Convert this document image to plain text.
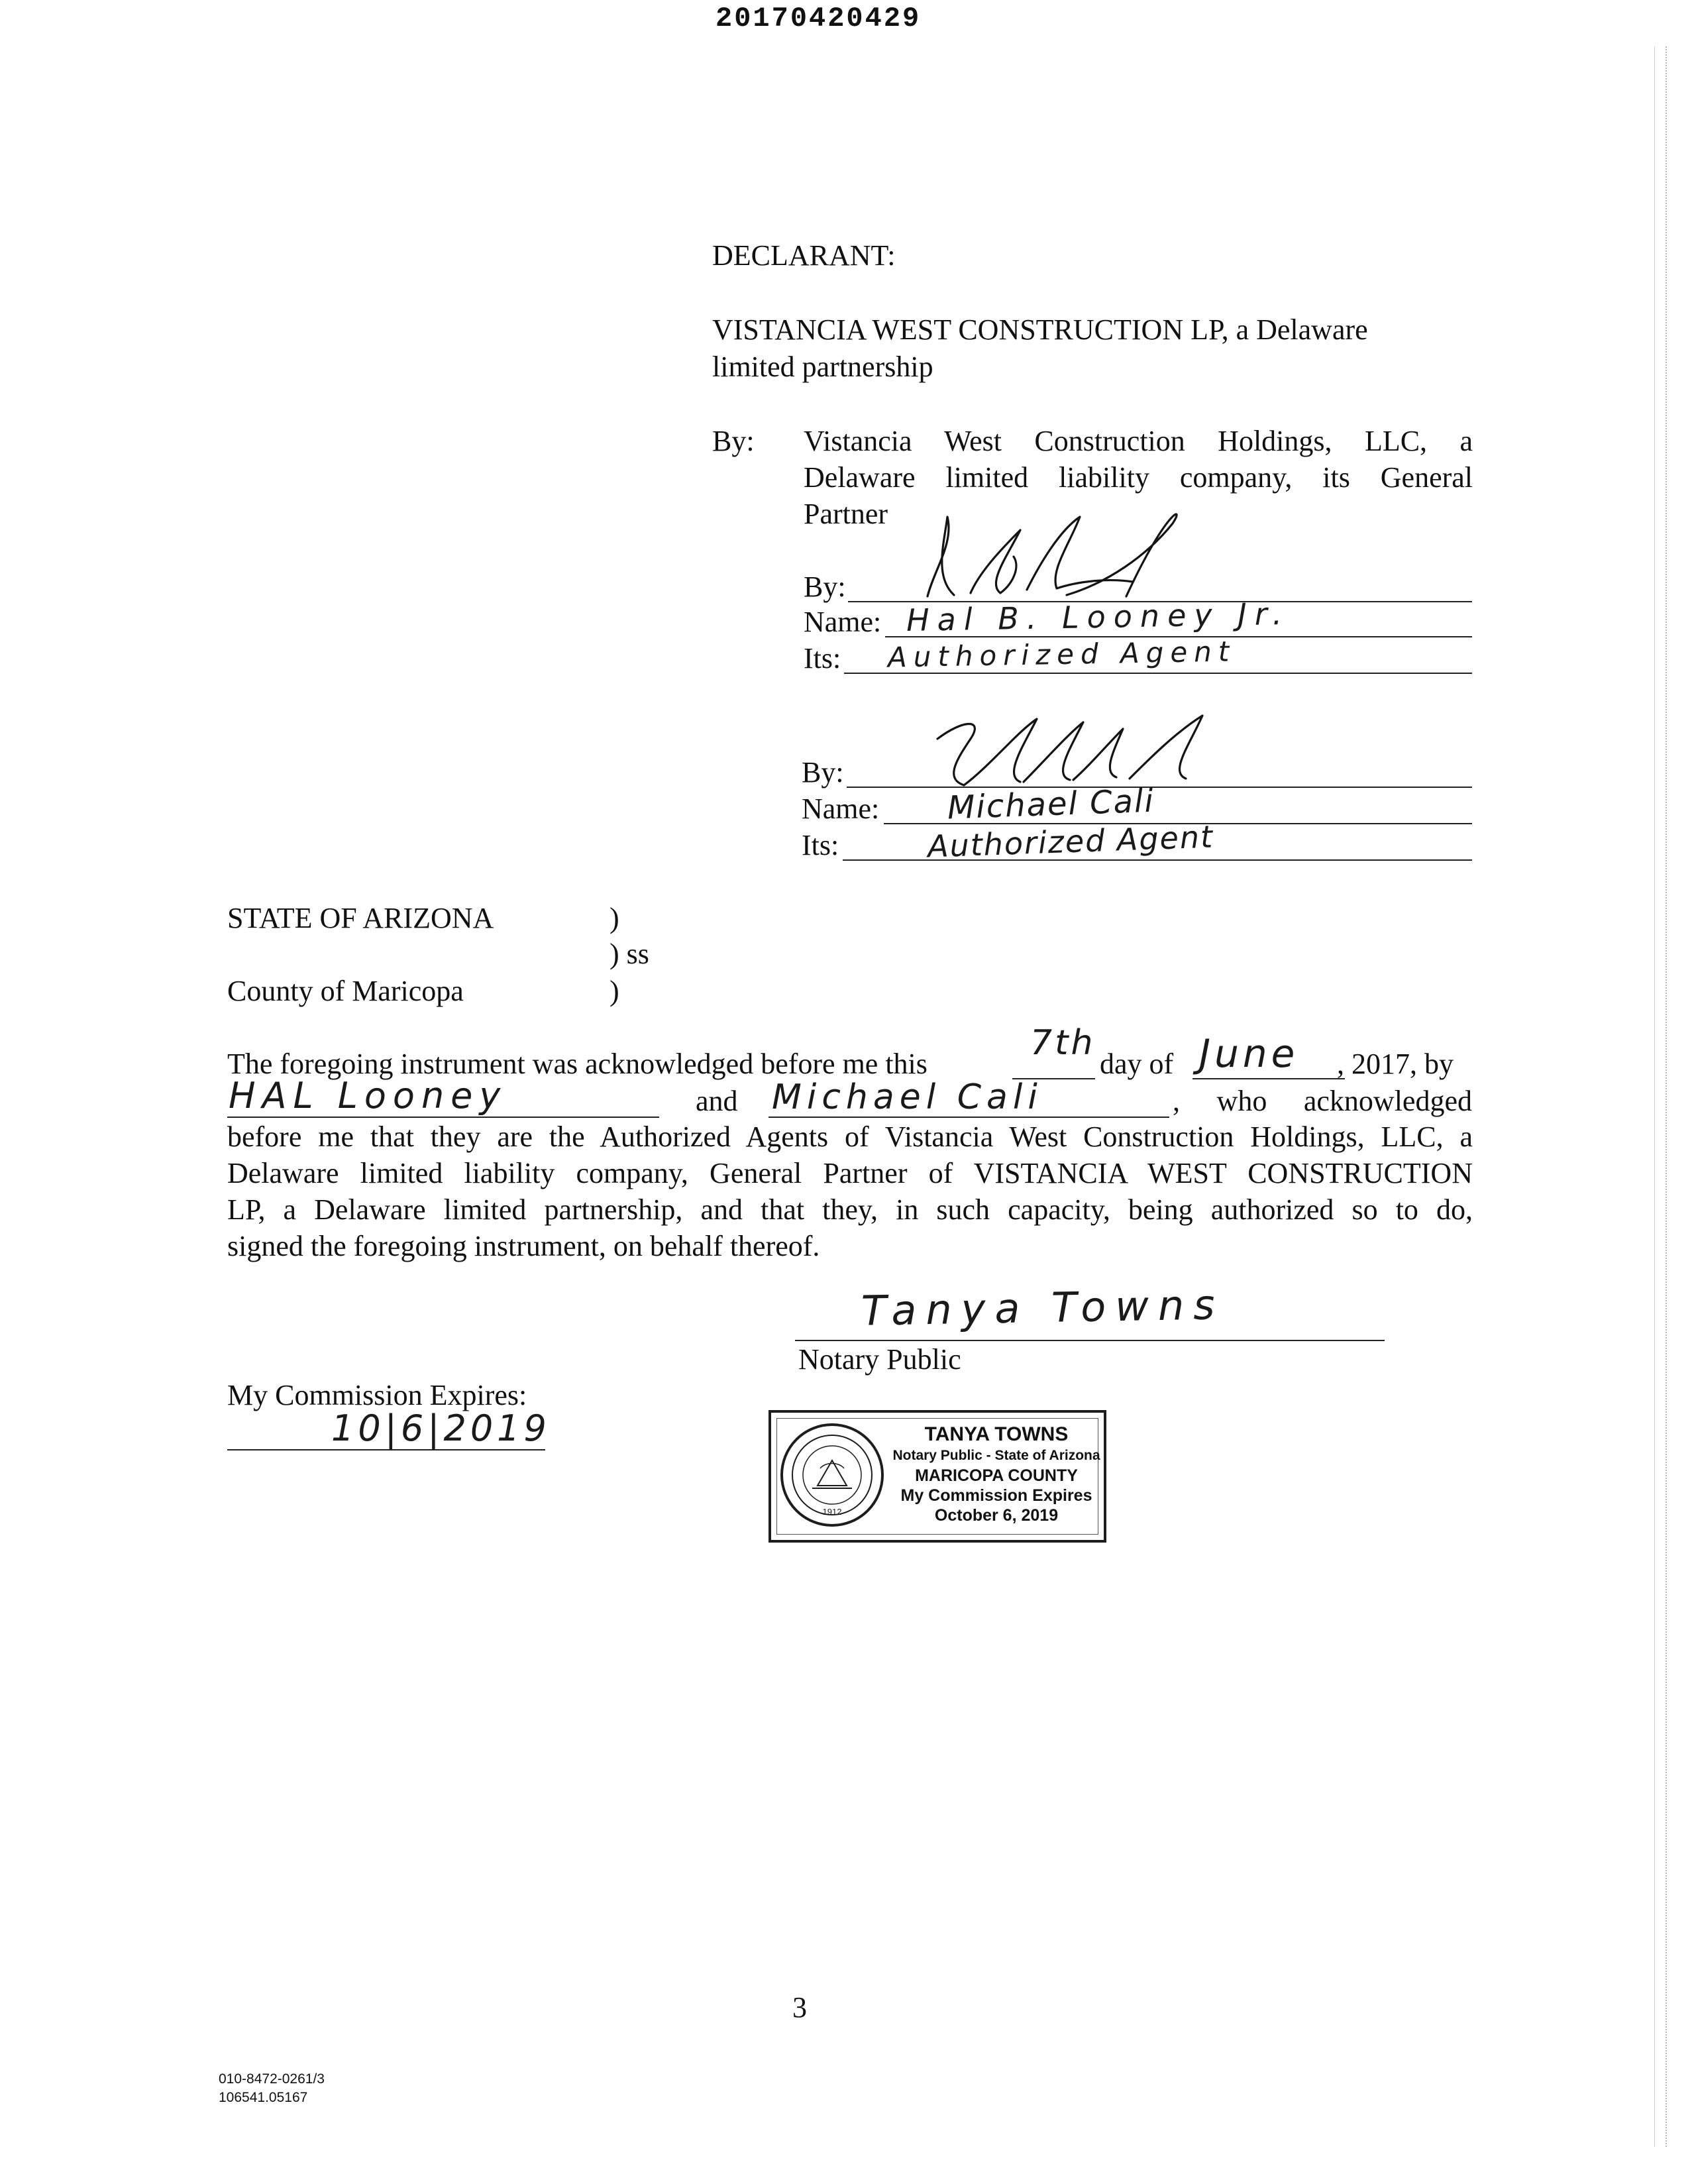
20170420429
DECLARANT:
VISTANCIA WEST CONSTRUCTION LP, a Delaware
limited partnership
By: Vistancia West Construction Holdings, LLC, a
Delaware limited liability company, its General
Partner
By:
Name: Hal B. Looney Jr.
Its: Authorized Agent
By:
Name: Michael Cali
Its:	Authorized Agent
STATE OF ARIZONA	)
) ss
County of Maricopa	)
The foregoing instrument was acknowledged before me this
7th
day of June , 2017, by
HAL Looney	and Michael Cali	, who acknowledged
before me that they are the Authorized Agents of Vistancia West Construction Holdings, LLC, a
Delaware limited liability company, General Partner of VISTANCIA WEST CONSTRUCTION
LP, a Delaware limited partnership, and that they, in such capacity, being authorized so to do,
signed the foregoing instrument, on behalf thereof.
Tanya Towns
Notary Public
My Commission Expires:
10|6|2019
1912
TANYA TOWNS
Notary Public - State of Arizona
MARICOPA COUNTY
My Commission Expires
October 6, 2019
3
010-8472-0261/3
106541.05167
